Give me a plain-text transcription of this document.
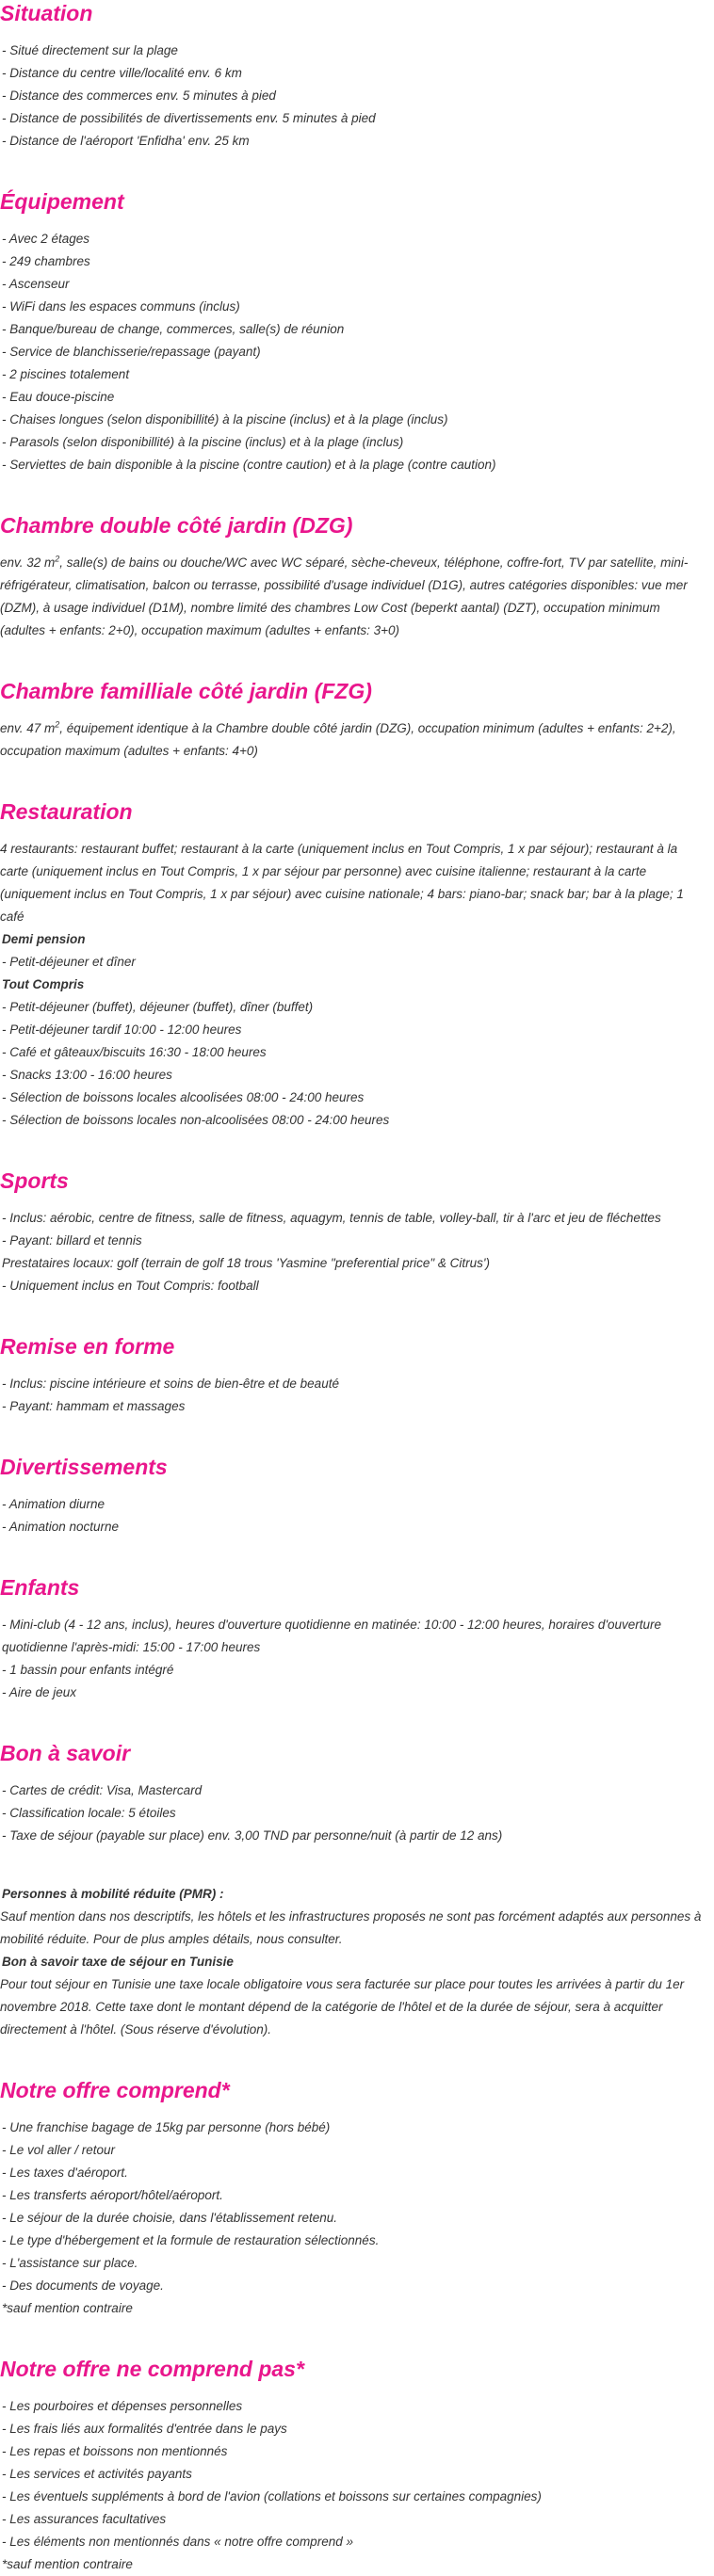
Situation
- Situé directement sur la plage
- Distance du centre ville/localité env. 6 km
- Distance des commerces env. 5 minutes à pied
- Distance de possibilités de divertissements env. 5 minutes à pied
- Distance de l'aéroport 'Enfidha' env. 25 km
Équipement
- Avec 2 étages
- 249 chambres
- Ascenseur
- WiFi dans les espaces communs (inclus)
- Banque/bureau de change, commerces, salle(s) de réunion
- Service de blanchisserie/repassage (payant)
- 2 piscines totalement
- Eau douce-piscine
- Chaises longues (selon disponibillité) à la piscine (inclus) et à la plage (inclus)
- Parasols (selon disponibillité) à la piscine (inclus) et à la plage (inclus)
- Serviettes de bain disponible à la piscine (contre caution) et à la plage (contre caution)
Chambre double côté jardin (DZG)

env. 32 $m^2$, salle(s) de bains ou douche/WC avec WC séparé, sèche-cheveux, téléphone, coffre-fort, TV par satellite, mini-réfrigérateur, climatisation, balcon ou terrasse, possibilité d'usage individuel (D1G), autres catégories disponibles: vue mer (DZM), à usage individuel (D1M), nombre limité des chambres Low Cost (beperkt aantal) (DZT), occupation minimum (adultes + enfants: 2+0), occupation maximum (adultes + enfants: 3+0)

Chambre familliale côté jardin (FZG)

env. 47 $m^2$, équipement identique à la Chambre double côté jardin (DZG), occupation minimum (adultes + enfants: 2+2), occupation maximum (adultes + enfants: 4+0)

Restauration

4 restaurants: restaurant buffet; restaurant à la carte (uniquement inclus en Tout Compris, 1 x par séjour); restaurant à la carte (uniquement inclus en Tout Compris, 1 x par séjour par personne) avec cuisine italienne; restaurant à la carte (uniquement inclus en Tout Compris, 1 x par séjour) avec cuisine nationale; 4 bars: piano-bar; snack bar; bar à la plage; 1 café

Demi pension
- Petit-déjeuner et dîner
Tout Compris
- Petit-déjeuner (buffet), déjeuner (buffet), dîner (buffet)
- Petit-déjeuner tardif 10:00 - 12:00 heures
- Café et gâteaux/biscuits 16:30 - 18:00 heures
- Snacks 13:00 - 16:00 heures
- Sélection de boissons locales alcoolisées 08:00 - 24:00 heures
- Sélection de boissons locales non-alcoolisées 08:00 - 24:00 heures
Sports
- Inclus: aérobic, centre de fitness, salle de fitness, aquagym, tennis de table, volley-ball, tir à l'arc et jeu de fléchettes
- Payant: billard et tennis
Prestataires locaux: golf (terrain de golf 18 trous 'Yasmine "preferential price" & Citrus')
- Uniquement inclus en Tout Compris: football
Remise en forme
- Inclus: piscine intérieure et soins de bien-être et de beauté
- Payant: hammam et massages
Divertissements
- Animation diurne
- Animation nocturne
Enfants
- Mini-club (4 - 12 ans, inclus), heures d'ouverture quotidienne en matinée: 10:00 - 12:00 heures, horaires d'ouverture quotidienne l'après-midi: 15:00 - 17:00 heures
- 1 bassin pour enfants intégré
- Aire de jeux
Bon à savoir
- Cartes de crédit: Visa, Mastercard
- Classification locale: 5 étoiles
- Taxe de séjour (payable sur place) env. 3,00 TND par personne/nuit (à partir de 12 ans)
Personnes à mobilité réduite (PMR) :

Sauf mention dans nos descriptifs, les hôtels et les infrastructures proposés ne sont pas forcément adaptés aux personnes à mobilité réduite. Pour de plus amples détails, nous consulter.

Bon à savoir taxe de séjour en Tunisie

Pour tout séjour en Tunisie une taxe locale obligatoire vous sera facturée sur place pour toutes les arrivées à partir du 1er novembre 2018. Cette taxe dont le montant dépend de la catégorie de l'hôtel et de la durée de séjour, sera à acquitter directement à l'hôtel. (Sous réserve d'évolution).

Notre offre comprend*
- Une franchise bagage de 15kg par personne (hors bébé)
- Le vol aller / retour
- Les taxes d'aéroport.
- Les transferts aéroport/hôtel/aéroport.
- Le séjour de la durée choisie, dans l'établissement retenu.
- Le type d'hébergement et la formule de restauration sélectionnés.
- L'assistance sur place.
- Des documents de voyage.
*sauf mention contraire
Notre offre ne comprend pas*
- Les pourboires et dépenses personnelles
- Les frais liés aux formalités d'entrée dans le pays
- Les repas et boissons non mentionnés
- Les services et activités payants
- Les éventuels suppléments à bord de l'avion (collations et boissons sur certaines compagnies)
- Les assurances facultatives
- Les éléments non mentionnés dans « notre offre comprend »
*sauf mention contraire
